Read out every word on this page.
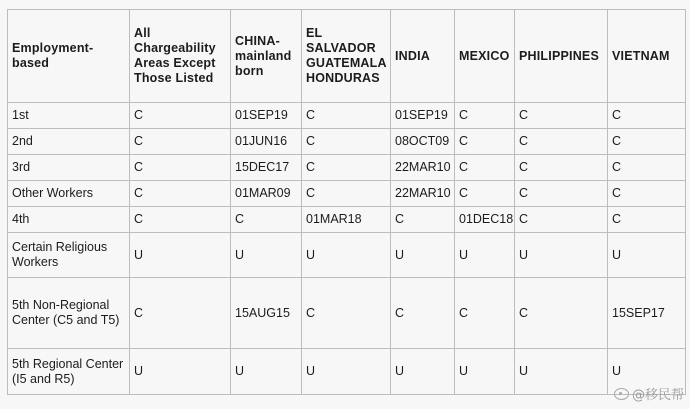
Employment-based	All Chargeability Areas Except Those Listed	CHINA-mainland born	EL SALVADOR GUATEMALA HONDURAS	INDIA	MEXICO	PHILIPPINES	VIETNAM
1st	C	01SEP19	C	01SEP19	C	C	C
2nd	C	01JUN16	C	08OCT09	C	C	C
3rd	C	15DEC17	C	22MAR10	C	C	C
Other Workers	C	01MAR09	C	22MAR10	C	C	C
4th	C	C	01MAR18	C	01DEC18	C	C
Certain Religious Workers	U	U	U	U	U	U	U
5th Non-Regional Center (C5 and T5)	C	15AUG15	C	C	C	C	15SEP17
5th Regional Center (I5 and R5)	U	U	U	U	U	U	U
@移民帮
